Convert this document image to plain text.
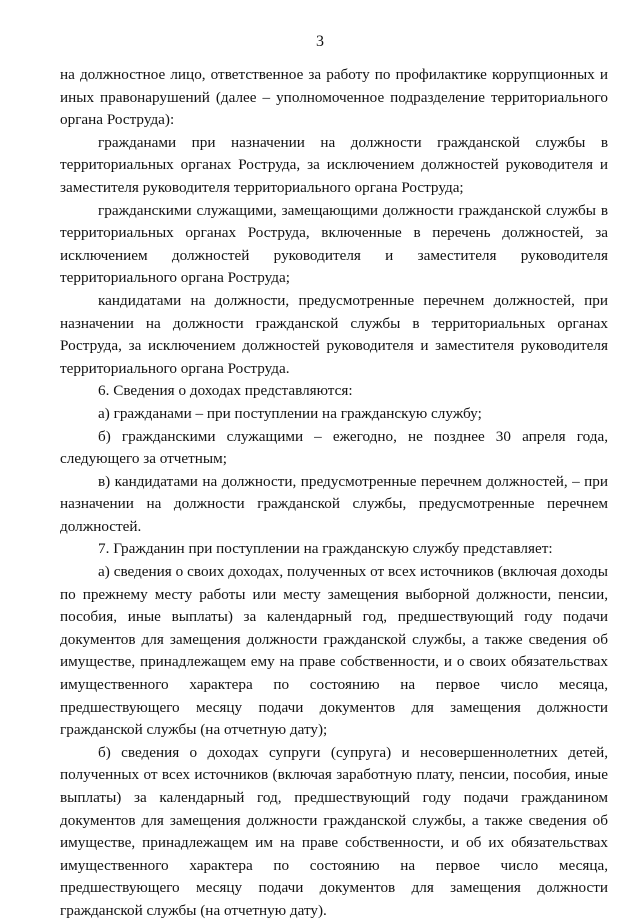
3

на должностное лицо, ответственное за работу по профилактике коррупционных и иных правонарушений (далее – уполномоченное подразделение территориального органа Роструда):

гражданами при назначении на должности гражданской службы в территориальных органах Роструда, за исключением должностей руководителя и заместителя руководителя территориального органа Роструда;

гражданскими служащими, замещающими должности гражданской службы в территориальных органах Роструда, включенные в перечень должностей, за исключением должностей руководителя и заместителя руководителя территориального органа Роструда;

кандидатами на должности, предусмотренные перечнем должностей, при назначении на должности гражданской службы в территориальных органах Роструда, за исключением должностей руководителя и заместителя руководителя территориального органа Роструда.

6. Сведения о доходах представляются:

а) гражданами – при поступлении на гражданскую службу;

б) гражданскими служащими – ежегодно, не позднее 30 апреля года, следующего за отчетным;

в) кандидатами на должности, предусмотренные перечнем должностей, – при назначении на должности гражданской службы, предусмотренные перечнем должностей.

7. Гражданин при поступлении на гражданскую службу представляет:

а) сведения о своих доходах, полученных от всех источников (включая доходы по прежнему месту работы или месту замещения выборной должности, пенсии, пособия, иные выплаты) за календарный год, предшествующий году подачи документов для замещения должности гражданской службы, а также сведения об имуществе, принадлежащем ему на праве собственности, и о своих обязательствах имущественного характера по состоянию на первое число месяца, предшествующего месяцу подачи документов для замещения должности гражданской службы (на отчетную дату);

б) сведения о доходах супруги (супруга) и несовершеннолетних детей, полученных от всех источников (включая заработную плату, пенсии, пособия, иные выплаты) за календарный год, предшествующий году подачи гражданином документов для замещения должности гражданской службы, а также сведения об имуществе, принадлежащем им на праве собственности, и об их обязательствах имущественного характера по состоянию на первое число месяца, предшествующего месяцу подачи документов для замещения должности гражданской службы (на отчетную дату).
